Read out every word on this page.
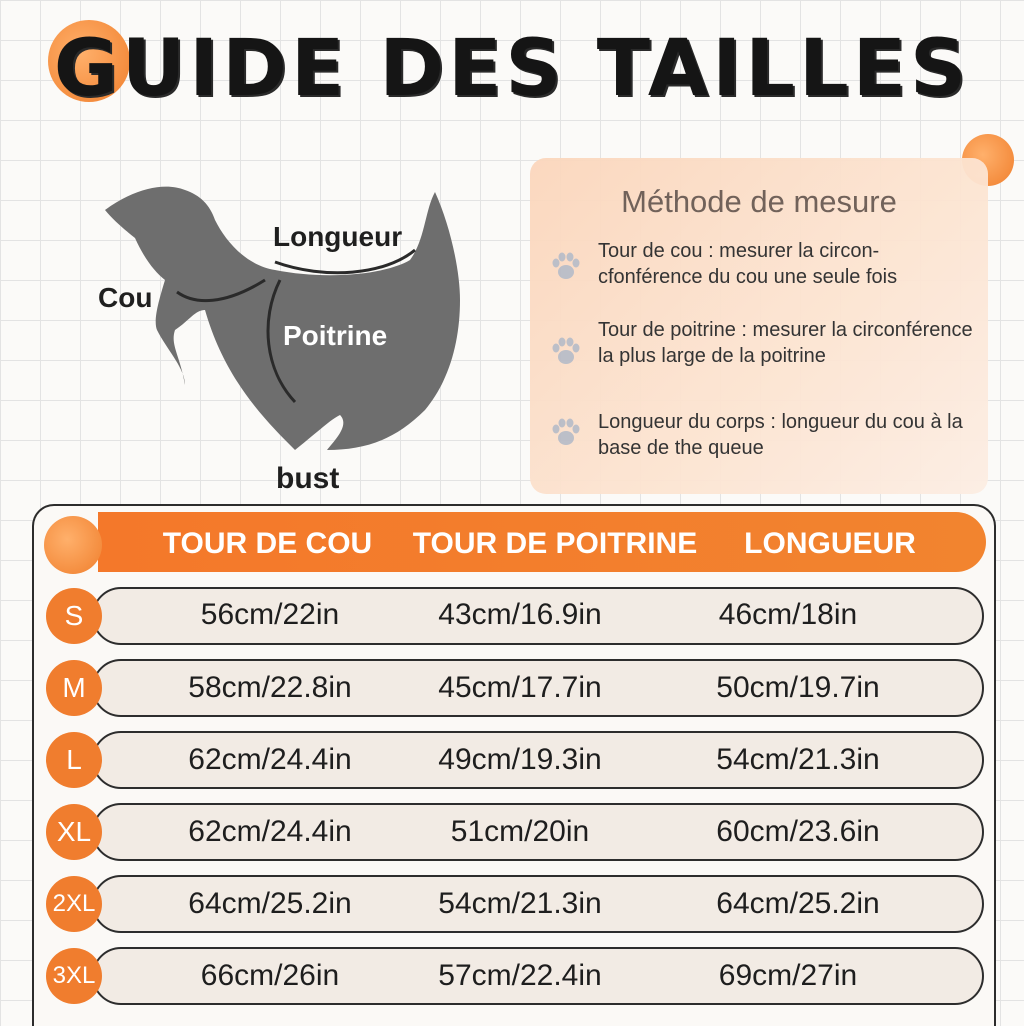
GUIDE DES TAILLES
Longueur
Cou
Poitrine
bust
Méthode de mesure
Tour de cou : mesurer la circon-cfonférence du cou une seule fois
Tour de poitrine : mesurer la circonférence la plus large de la poitrine
Longueur du corps : longueur du cou à la base de the queue
TOUR DE COU	TOUR DE POITRINE	LONGUEUR
S	56cm/22in	43cm/16.9in	46cm/18in
M	58cm/22.8in	45cm/17.7in	50cm/19.7in
L	62cm/24.4in	49cm/19.3in	54cm/21.3in
XL	62cm/24.4in	51cm/20in	60cm/23.6in
2XL	64cm/25.2in	54cm/21.3in	64cm/25.2in
3XL	66cm/26in	57cm/22.4in	69cm/27in
